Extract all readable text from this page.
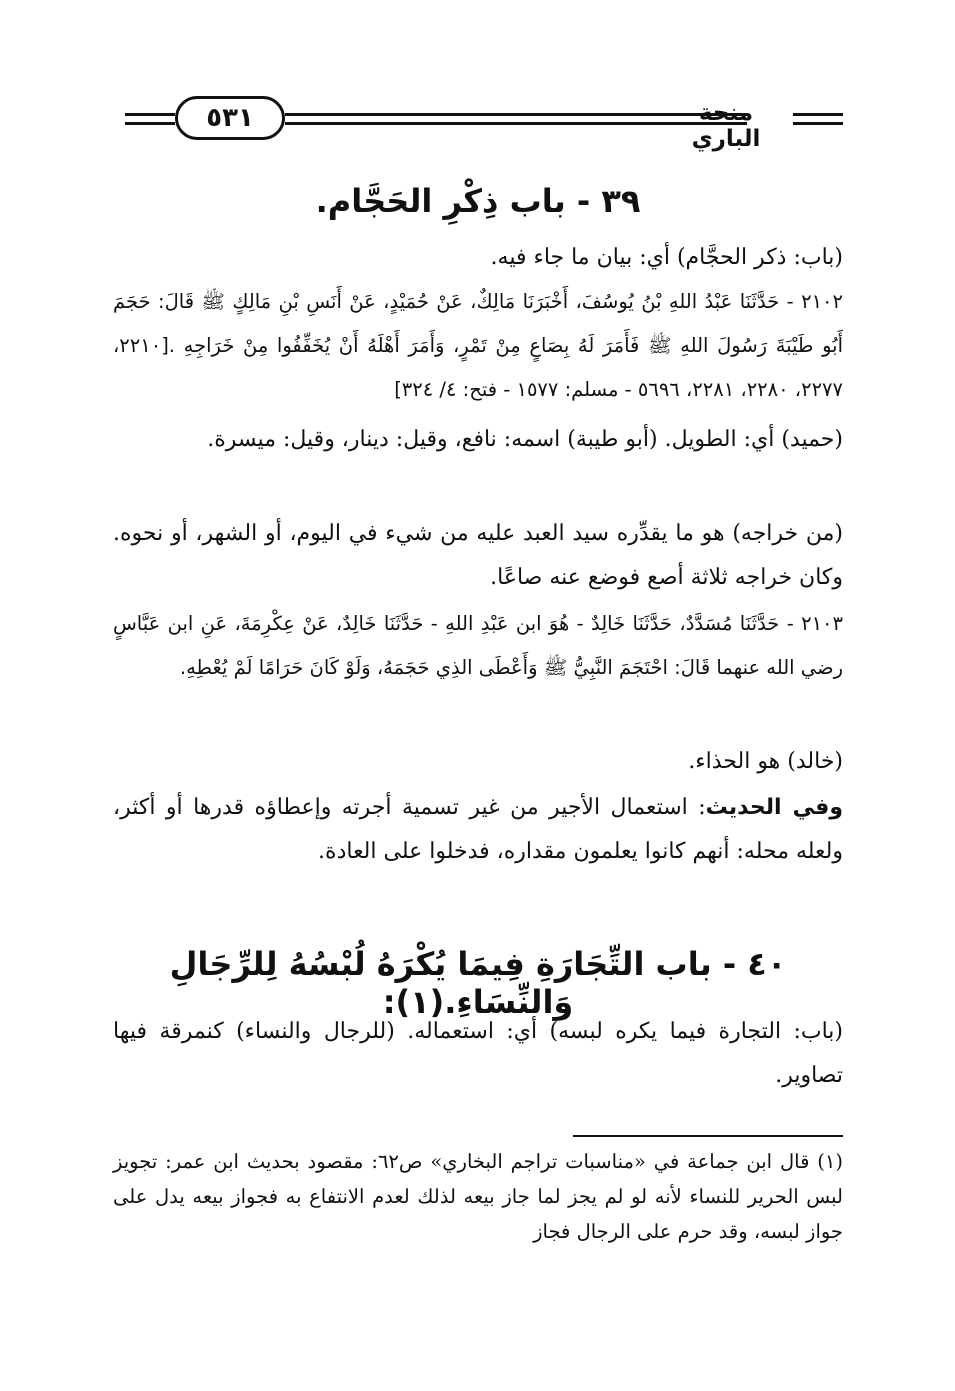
٥٣١	منحة الباري
٣٩ - باب ذِكْرِ الحَجَّام.

(باب: ذكر الحجَّام) أي: بيان ما جاء فيه.

٢١٠٢ - حَدَّثَنَا عَبْدُ اللهِ بْنُ يُوسُفَ، أَخْبَرَنَا مَالِكٌ، عَنْ حُمَيْدٍ، عَنْ أَنَسِ بْنِ مَالِكٍ ﷺ قَالَ: حَجَمَ أَبُو طَيْبَةَ رَسُولَ اللهِ ﷺ فَأَمَرَ لَهُ بِصَاعٍ مِنْ تَمْرٍ، وَأَمَرَ أَهْلَهُ أَنْ يُخَفِّفُوا مِنْ خَرَاجِهِ .[٢٢١٠، ٢٢٧٧، ٢٢٨٠، ٢٢٨١، ٥٦٩٦ - مسلم: ١٥٧٧ - فتح: ٤/ ٣٢٤]

(حميد) أي: الطويل. (أبو طيبة) اسمه: نافع، وقيل: دينار، وقيل: ميسرة.

(من خراجه) هو ما يقدِّره سيد العبد عليه من شيء في اليوم، أو الشهر، أو نحوه. وكان خراجه ثلاثة أصع فوضع عنه صاعًا.

٢١٠٣ - حَدَّثَنَا مُسَدَّدٌ، حَدَّثَنَا خَالِدٌ - هُوَ ابن عَبْدِ اللهِ - حَدَّثَنَا خَالِدٌ، عَنْ عِكْرِمَةَ، عَنِ ابن عَبَّاسٍ رضي الله عنهما قَالَ: احْتَجَمَ النَّبِيُّ ﷺ وَأَعْطَى الذِي حَجَمَهُ، وَلَوْ كَانَ حَرَامًا لَمْ يُعْطِهِ.

(خالد) هو الحذاء.

وفي الحديث: استعمال الأجير من غير تسمية أجرته وإعطاؤه قدرها أو أكثر، ولعله محله: أنهم كانوا يعلمون مقداره، فدخلوا على العادة.

٤٠ - باب التِّجَارَةِ فِيمَا يُكْرَهُ لُبْسُهُ لِلرِّجَالِ وَالنِّسَاءِ.(١):

(باب: التجارة فيما يكره لبسه) أي: استعماله. (للرجال والنساء) كنمرقة فيها تصاوير.

(١) قال ابن جماعة في «مناسبات تراجم البخاري» ص٦٢: مقصود بحديث ابن عمر: تجويز لبس الحرير للنساء لأنه لو لم يجز لما جاز بيعه لذلك لعدم الانتفاع به فجواز بيعه يدل على جواز لبسه، وقد حرم على الرجال فجاز
